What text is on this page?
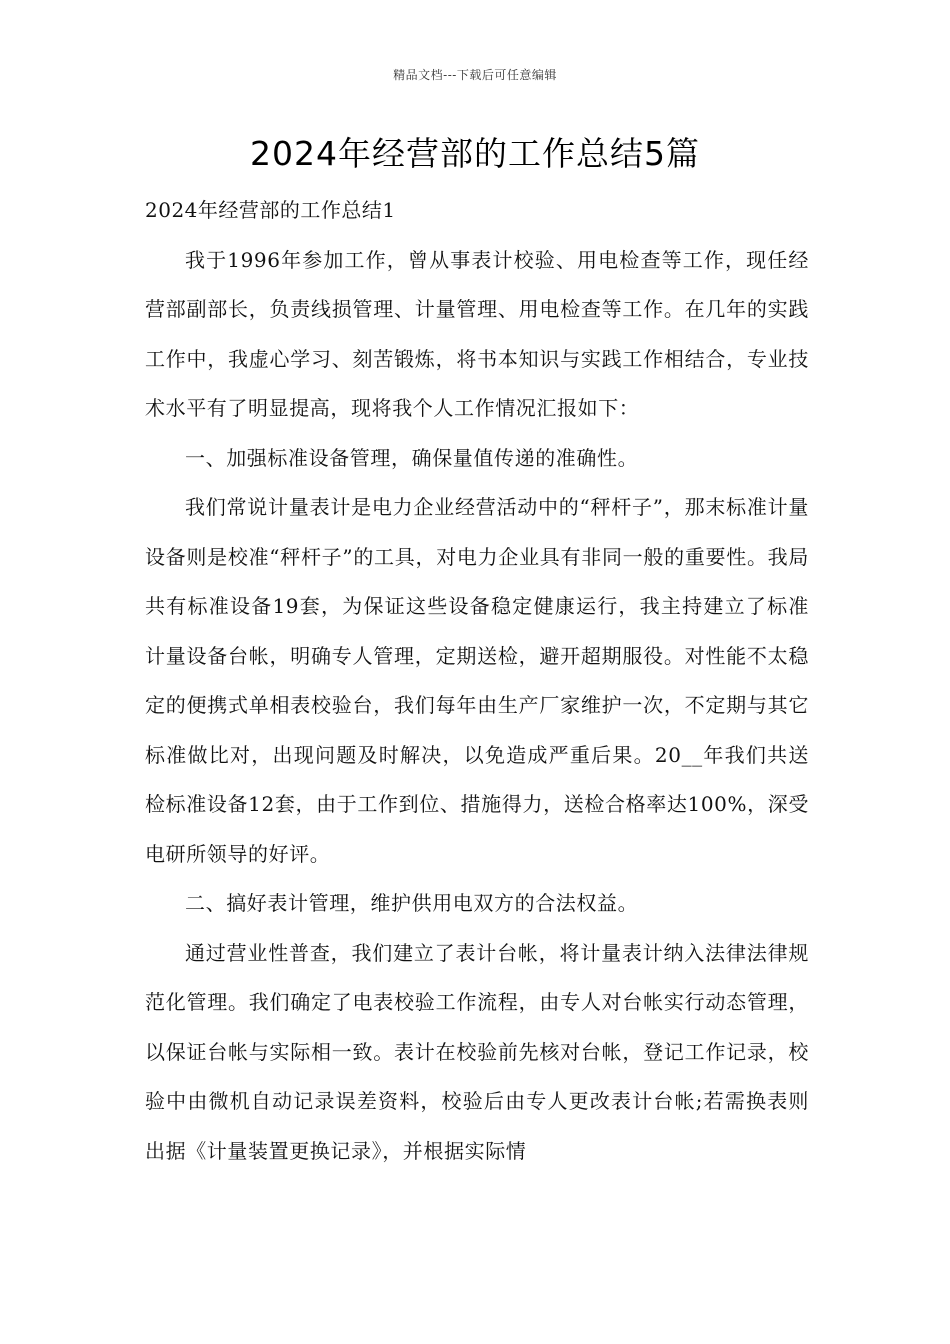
精品文档---下载后可任意编辑
2024年经营部的工作总结5篇

2024年经营部的工作总结1

我于1996年参加工作，曾从事表计校验、用电检查等工作，现任经营部副部长，负责线损管理、计量管理、用电检查等工作。在几年的实践工作中，我虚心学习、刻苦锻炼，将书本知识与实践工作相结合，专业技术水平有了明显提高，现将我个人工作情况汇报如下：

一、加强标准设备管理，确保量值传递的准确性。

我们常说计量表计是电力企业经营活动中的“秤杆子”，那末标准计量设备则是校准“秤杆子”的工具，对电力企业具有非同一般的重要性。我局共有标准设备19套，为保证这些设备稳定健康运行，我主持建立了标准计量设备台帐，明确专人管理，定期送检，避开超期服役。对性能不太稳定的便携式单相表校验台，我们每年由生产厂家维护一次，不定期与其它标准做比对，出现问题及时解决，以免造成严重后果。20__年我们共送检标准设备12套，由于工作到位、措施得力，送检合格率达100%，深受电研所领导的好评。

二、搞好表计管理，维护供用电双方的合法权益。

通过营业性普查，我们建立了表计台帐，将计量表计纳入法律法律规范化管理。我们确定了电表校验工作流程，由专人对台帐实行动态管理，以保证台帐与实际相一致。表计在校验前先核对台帐，登记工作记录，校验中由微机自动记录误差资料，校验后由专人更改表计台帐;若需换表则出据《计量装置更换记录》，并根据实际情
